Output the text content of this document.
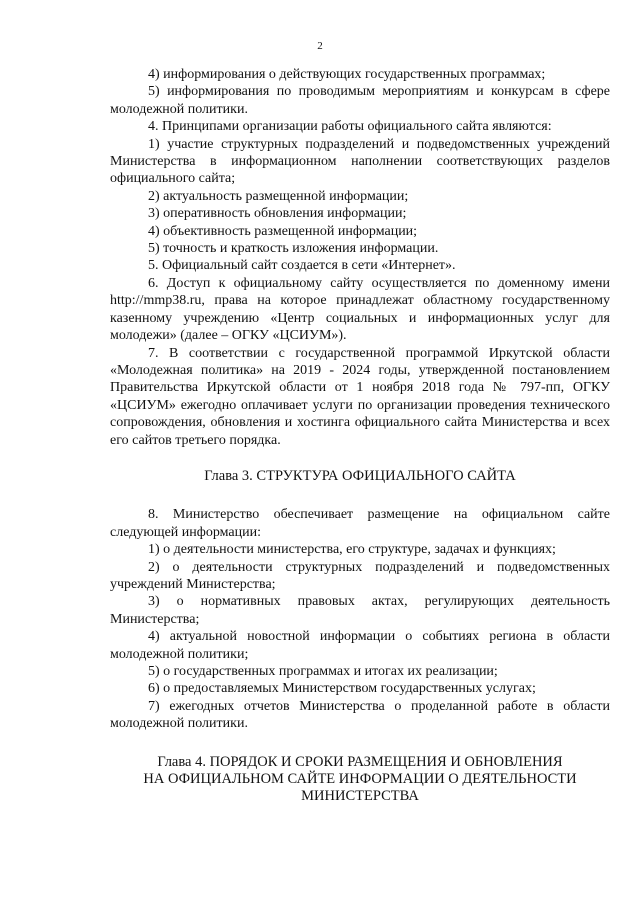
2

4) информирования о действующих государственных программах;

5) информирования по проводимым мероприятиям и конкурсам в сфере молодежной политики.

4. Принципами организации работы официального сайта являются:

1) участие структурных подразделений и подведомственных учреждений Министерства в информационном наполнении соответствующих разделов официального сайта;

2) актуальность размещенной информации;

3) оперативность обновления информации;

4) объективность размещенной информации;

5) точность и краткость изложения информации.

5. Официальный сайт создается в сети «Интернет».

6. Доступ к официальному сайту осуществляется по доменному имени http://mmp38.ru, права на которое принадлежат областному государственному казенному учреждению «Центр социальных и информационных услуг для молодежи» (далее – ОГКУ «ЦСИУМ»).

7. В соответствии с государственной программой Иркутской области «Молодежная политика» на 2019 - 2024 годы, утвержденной постановлением Правительства Иркутской области от 1 ноября 2018 года № 797-пп, ОГКУ «ЦСИУМ» ежегодно оплачивает услуги по организации проведения технического сопровождения, обновления и хостинга официального сайта Министерства и всех его сайтов третьего порядка.

Глава 3. СТРУКТУРА ОФИЦИАЛЬНОГО САЙТА

8. Министерство обеспечивает размещение на официальном сайте следующей информации:

1) о деятельности министерства, его структуре, задачах и функциях;

2) о деятельности структурных подразделений и подведомственных учреждений Министерства;

3) о нормативных правовых актах, регулирующих деятельность Министерства;

4) актуальной новостной информации о событиях региона в области молодежной политики;

5) о государственных программах и итогах их реализации;

6) о предоставляемых Министерством государственных услугах;

7) ежегодных отчетов Министерства о проделанной работе в области молодежной политики.

Глава 4. ПОРЯДОК И СРОКИ РАЗМЕЩЕНИЯ И ОБНОВЛЕНИЯ
НА ОФИЦИАЛЬНОМ САЙТЕ ИНФОРМАЦИИ О ДЕЯТЕЛЬНОСТИ
МИНИСТЕРСТВА
